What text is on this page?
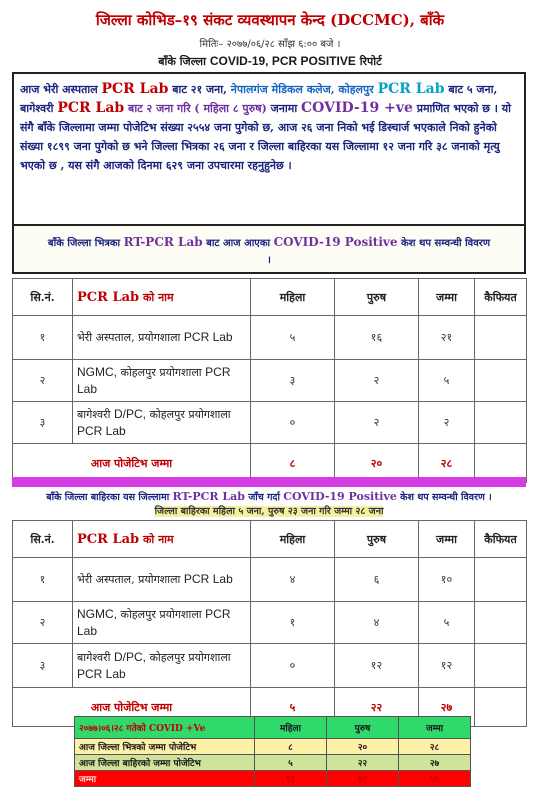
जिल्ला कोभिड–१९ संकट व्यवस्थापन केन्द (DCCMC), बाँके
मितिः– २०७७/०६/२८ साँझ ६:०० बजे ।
बाँके जिल्ला COVID-19, PCR POSITIVE रिपोर्ट
आज भेरी अस्पताल PCR Lab बाट २१ जना, नेपालगंज मेडिकल कलेज, कोहलपुर PCR Lab बाट ५ जना, बागेश्वरी PCR Lab बाट २ जना गरि ( महिला ८ पुरुष) जनामा COVID-19 +ve प्रमाणित भएको छ । यो संगै बाँके जिल्लामा जम्मा पोजेटिभ संख्या २५५४ जना पुगेको छ, आज २६ जना निको भई डिस्चार्ज भएकाले निको हुनेको संख्या १८९९ जना पुगेको छ भने जिल्ला भित्रका २६ जना र जिल्ला बाहिरका यस जिल्लामा १२ जना गरि ३८ जनाको मृत्यु भएको छ , यस संगै आजको दिनमा ६२९ जना उपचारमा रहनुहुनेछ ।
बाँके जिल्ला भित्रका RT-PCR Lab बाट आज आएका COVID-19 Positive केश थप सम्वन्धी विवरण
।
सि.नं.	PCR Lab को नाम	महिला	पुरुष	जम्मा	कैफियत
१	भेरी अस्पताल, प्रयोगशाला PCR Lab	५	१६	२१	
२	NGMC, कोहलपुर प्रयोगशाला PCR Lab	३	२	५	
३	बागेश्वरी D/PC, कोहलपुर प्रयोगशाला PCR Lab	०	२	२	
आज पोजेटिभ जम्मा		८	२०	२८	
बाँके जिल्ला बाहिरका यस जिल्लामा RT-PCR Lab जाँच गर्दा COVID-19 Positive केश थप सम्वन्धी विवरण ।
जिल्ला बाहिरका महिला ५ जना, पुरुष २३ जना गरि जम्मा २८ जना
सि.नं.	PCR Lab को नाम	महिला	पुरुष	जम्मा	कैफियत
१	भेरी अस्पताल, प्रयोगशाला PCR Lab	४	६	१०	
२	NGMC, कोहलपुर प्रयोगशाला PCR Lab	१	४	५	
३	बागेश्वरी D/PC, कोहलपुर प्रयोगशाला PCR Lab	०	१२	१२	
आज पोजेटिभ जम्मा		५	२२	२७	
२०७७।०६।२८ गतेको COVID +Ve	महिला	पुरुष	जम्मा
आज जिल्ला भित्रको जम्मा पोजेटिभ	८	२०	२८
आज जिल्ला बाहिरको जम्मा पोजेटिभ	५	२२	२७
जम्मा	१३	४२	५५
